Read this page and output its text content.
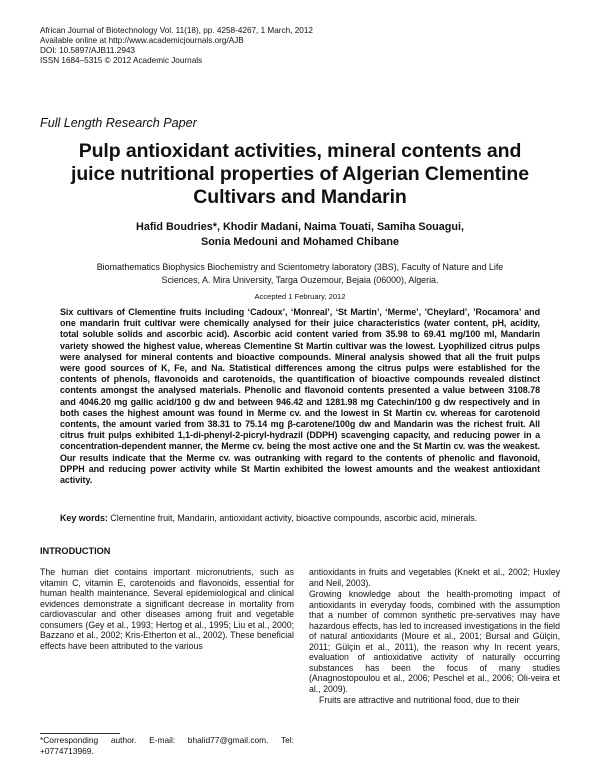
African Journal of Biotechnology Vol. 11(18), pp. 4258-4267, 1 March, 2012
Available online at http://www.academicjournals.org/AJB
DOI: 10.5897/AJB11.2943
ISSN 1684–5315 © 2012 Academic Journals
Full Length Research Paper
Pulp antioxidant activities, mineral contents and juice nutritional properties of Algerian Clementine Cultivars and Mandarin
Hafid Boudries*, Khodir Madani, Naima Touati, Samiha Souagui,
Sonia Medouni and Mohamed Chibane
Biomathematics Biophysics Biochemistry and Scientometry laboratory (3BS), Faculty of Nature and Life Sciences, A. Mira University, Targa Ouzemour, Bejaia (06000), Algeria.
Accepted 1 February, 2012
Six cultivars of Clementine fruits including ‘Cadoux’, ‘Monreal’, ‘St Martin’, ‘Merme’, ’Cheylard’, ’Rocamora’ and one mandarin fruit cultivar were chemically analysed for their juice characteristics (water content, pH, acidity, total soluble solids and ascorbic acid). Ascorbic acid content varied from 35.98 to 69.41 mg/100 ml, Mandarin variety showed the highest value, whereas Clementine St Martin cultivar was the lowest. Lyophilized citrus pulps were analysed for mineral contents and bioactive compounds. Mineral analysis showed that all the fruit pulps were good sources of K, Fe, and Na. Statistical differences among the citrus pulps were established for the contents of phenols, flavonoids and carotenoids, the quantification of bioactive compounds revealed distinct contents amongst the analysed materials. Phenolic and flavonoid contents presented a value between 3108.78 and 4046.20 mg gallic acid/100 g dw and between 946.42 and 1281.98 mg Catechin/100 g dw respectively and in both cases the highest amount was found in Merme cv. and the lowest in St Martin cv. whereas for carotenoid contents, the amount varied from 38.31 to 75.14 mg β-carotene/100g dw and Mandarin was the richest fruit. All citrus fruit pulps exhibited 1,1-di-phenyl-2-picryl-hydrazil (DDPH) scavenging capacity, and reducing power in a concentration-dependent manner, the Merme cv. being the most active one and the St Martin cv. was the weakest. Our results indicate that the Merme cv. was outranking with regard to the contents of phenolic and flavonoid, DPPH and reducing power activity while St Martin exhibited the lowest amounts and the weakest antioxidant activity.
Key words: Clementine fruit, Mandarin, antioxidant activity, bioactive compounds, ascorbic acid, minerals.
INTRODUCTION

The human diet contains important micronutrients, such as vitamin C, vitamin E, carotenoids and flavonoids, essential for human health maintenance. Several epidemiological and clinical evidences demonstrate a significant decrease in mortality from cardiovascular and other diseases among fruit and vegetable consumers (Gey et al., 1993; Hertog et al., 1995; Liu et al., 2000; Bazzano et al., 2002; Kris-Etherton et al., 2002). These beneficial effects have been attributed to the various

antioxidants in fruits and vegetables (Knekt et al., 2002; Huxley and Neil, 2003).

Growing knowledge about the health-promoting impact of antioxidants in everyday foods, combined with the assumption that a number of common synthetic pre-servatives may have hazardous effects, has led to increased investigations in the field of natural antioxidants (Moure et al., 2001; Bursal and Gülçin, 2011; Gülçin et al., 2011), the reason why In recent years, evaluation of antioxidative activity of naturally occurring substances has been the focus of many studies (Anagnostopoulou et al., 2006; Peschel et al., 2006; Oli-veira et al., 2009).

Fruits are attractive and nutritional food, due to their

*Corresponding author. E-mail: bhalid77@gmail.com. Tel: +0774713969.
